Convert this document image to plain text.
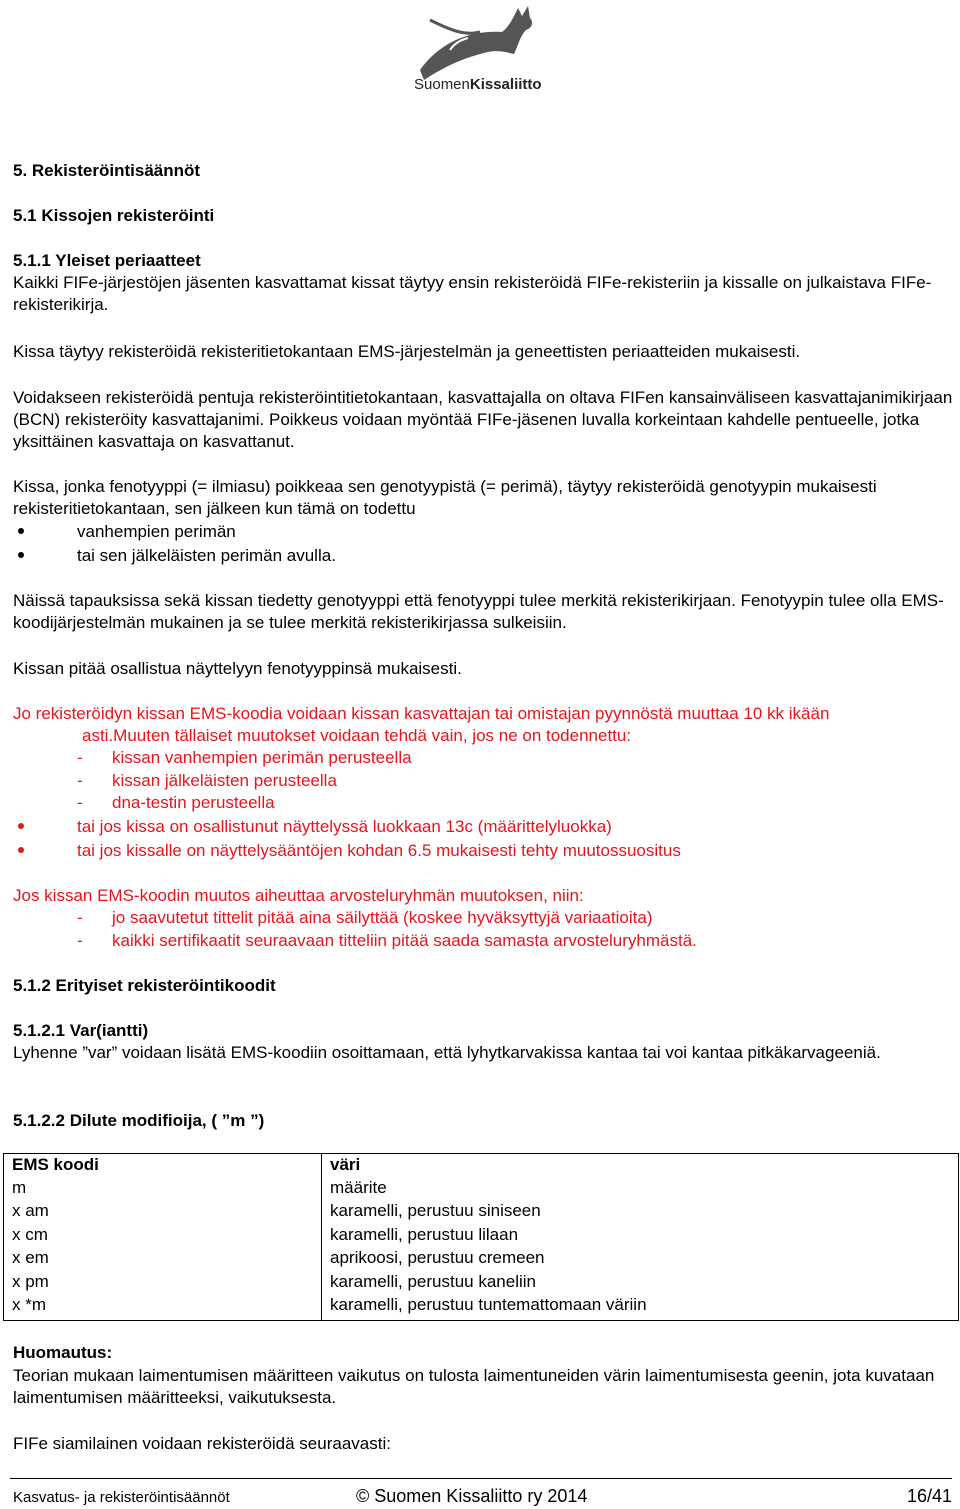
SuomenKissaliitto
5. Rekisteröintisäännöt
5.1 Kissojen rekisteröinti
5.1.1 Yleiset periaatteet
Kaikki FIFe-järjestöjen jäsenten kasvattamat kissat täytyy ensin rekisteröidä FIFe-rekisteriin ja kissalle on julkaistava FIFe-rekisterikirja.
Kissa täytyy rekisteröidä rekisteritietokantaan EMS-järjestelmän ja geneettisten periaatteiden mukaisesti.
Voidakseen rekisteröidä pentuja rekisteröintitietokantaan, kasvattajalla on oltava FIFen kansainväliseen kasvattajanimikirjaan (BCN) rekisteröity kasvattajanimi. Poikkeus voidaan myöntää FIFe-jäsenen luvalla korkeintaan kahdelle pentueelle, jotka yksittäinen kasvattaja on kasvattanut.
Kissa, jonka fenotyyppi (= ilmiasu) poikkeaa sen genotyypistä (= perimä), täytyy rekisteröidä genotyypin mukaisesti rekisteritietokantaan, sen jälkeen kun tämä on todettu
vanhempien perimän
tai sen jälkeläisten perimän avulla.
Näissä tapauksissa sekä kissan tiedetty genotyyppi että fenotyyppi tulee merkitä rekisterikirjaan. Fenotyypin tulee olla EMS-koodijärjestelmän mukainen ja se tulee merkitä rekisterikirjassa sulkeisiin.
Kissan pitää osallistua näyttelyyn fenotyyppinsä mukaisesti.
Jo rekisteröidyn kissan EMS-koodia voidaan kissan kasvattajan tai omistajan pyynnöstä muuttaa 10 kk ikään
asti.Muuten tällaiset muutokset voidaan tehdä vain, jos ne on todennettu:
- kissan vanhempien perimän perusteella
- kissan jälkeläisten perusteella
- dna-testin perusteella
tai jos kissa on osallistunut näyttelyssä luokkaan 13c (määrittelyluokka)
tai jos kissalle on näyttelysääntöjen kohdan 6.5 mukaisesti tehty muutossuositus
Jos kissan EMS-koodin muutos aiheuttaa arvosteluryhmän muutoksen, niin:
- jo saavutetut tittelit pitää aina säilyttää (koskee hyväksyttyjä variaatioita)
- kaikki sertifikaatit seuraavaan titteliin pitää saada samasta arvosteluryhmästä.
5.1.2 Erityiset rekisteröintikoodit
5.1.2.1 Var(iantti)
Lyhenne ”var” voidaan lisätä EMS-koodiin osoittamaan, että lyhytkarvakissa kantaa tai voi kantaa pitkäkarvageeniä.
5.1.2.2 Dilute modifioija, ( ”m ”)
EMS koodi	väri
m	määrite
x am	karamelli, perustuu siniseen
x cm	karamelli, perustuu lilaan
x em	aprikoosi, perustuu cremeen
x pm	karamelli, perustuu kaneliin
x *m	karamelli, perustuu tuntemattomaan väriin
Huomautus:
Teorian mukaan laimentumisen määritteen vaikutus on tulosta laimentuneiden värin laimentumisesta geenin, jota kuvataan laimentumisen määritteeksi, vaikutuksesta.
FIFe siamilainen voidaan rekisteröidä seuraavasti:
Kasvatus- ja rekisteröintisäännöt	© Suomen Kissaliitto ry 2014	16/41
